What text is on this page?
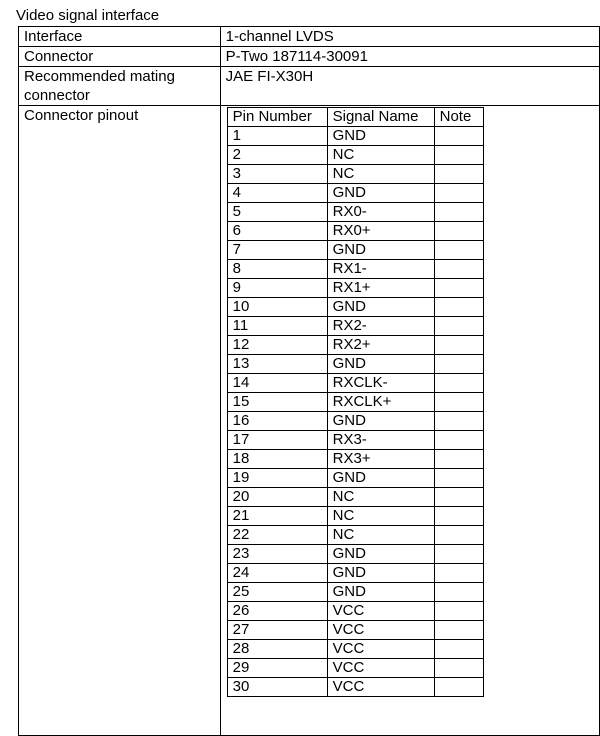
Video signal interface
Interface	1-channel LVDS
Connector	P-Two 187114-30091
Recommended mating connector	JAE FI-X30H
Connector pinout		Pin Number	Signal Name	Note
1	GND	
2	NC	
3	NC	
4	GND	
5	RX0-	
6	RX0+	
7	GND	
8	RX1-	
9	RX1+	
10	GND	
11	RX2-	
12	RX2+	
13	GND	
14	RXCLK-	
15	RXCLK+	
16	GND	
17	RX3-	
18	RX3+	
19	GND	
20	NC	
21	NC	
22	NC	
23	GND	
24	GND	
25	GND	
26	VCC	
27	VCC	
28	VCC	
29	VCC	
30	VCC	
